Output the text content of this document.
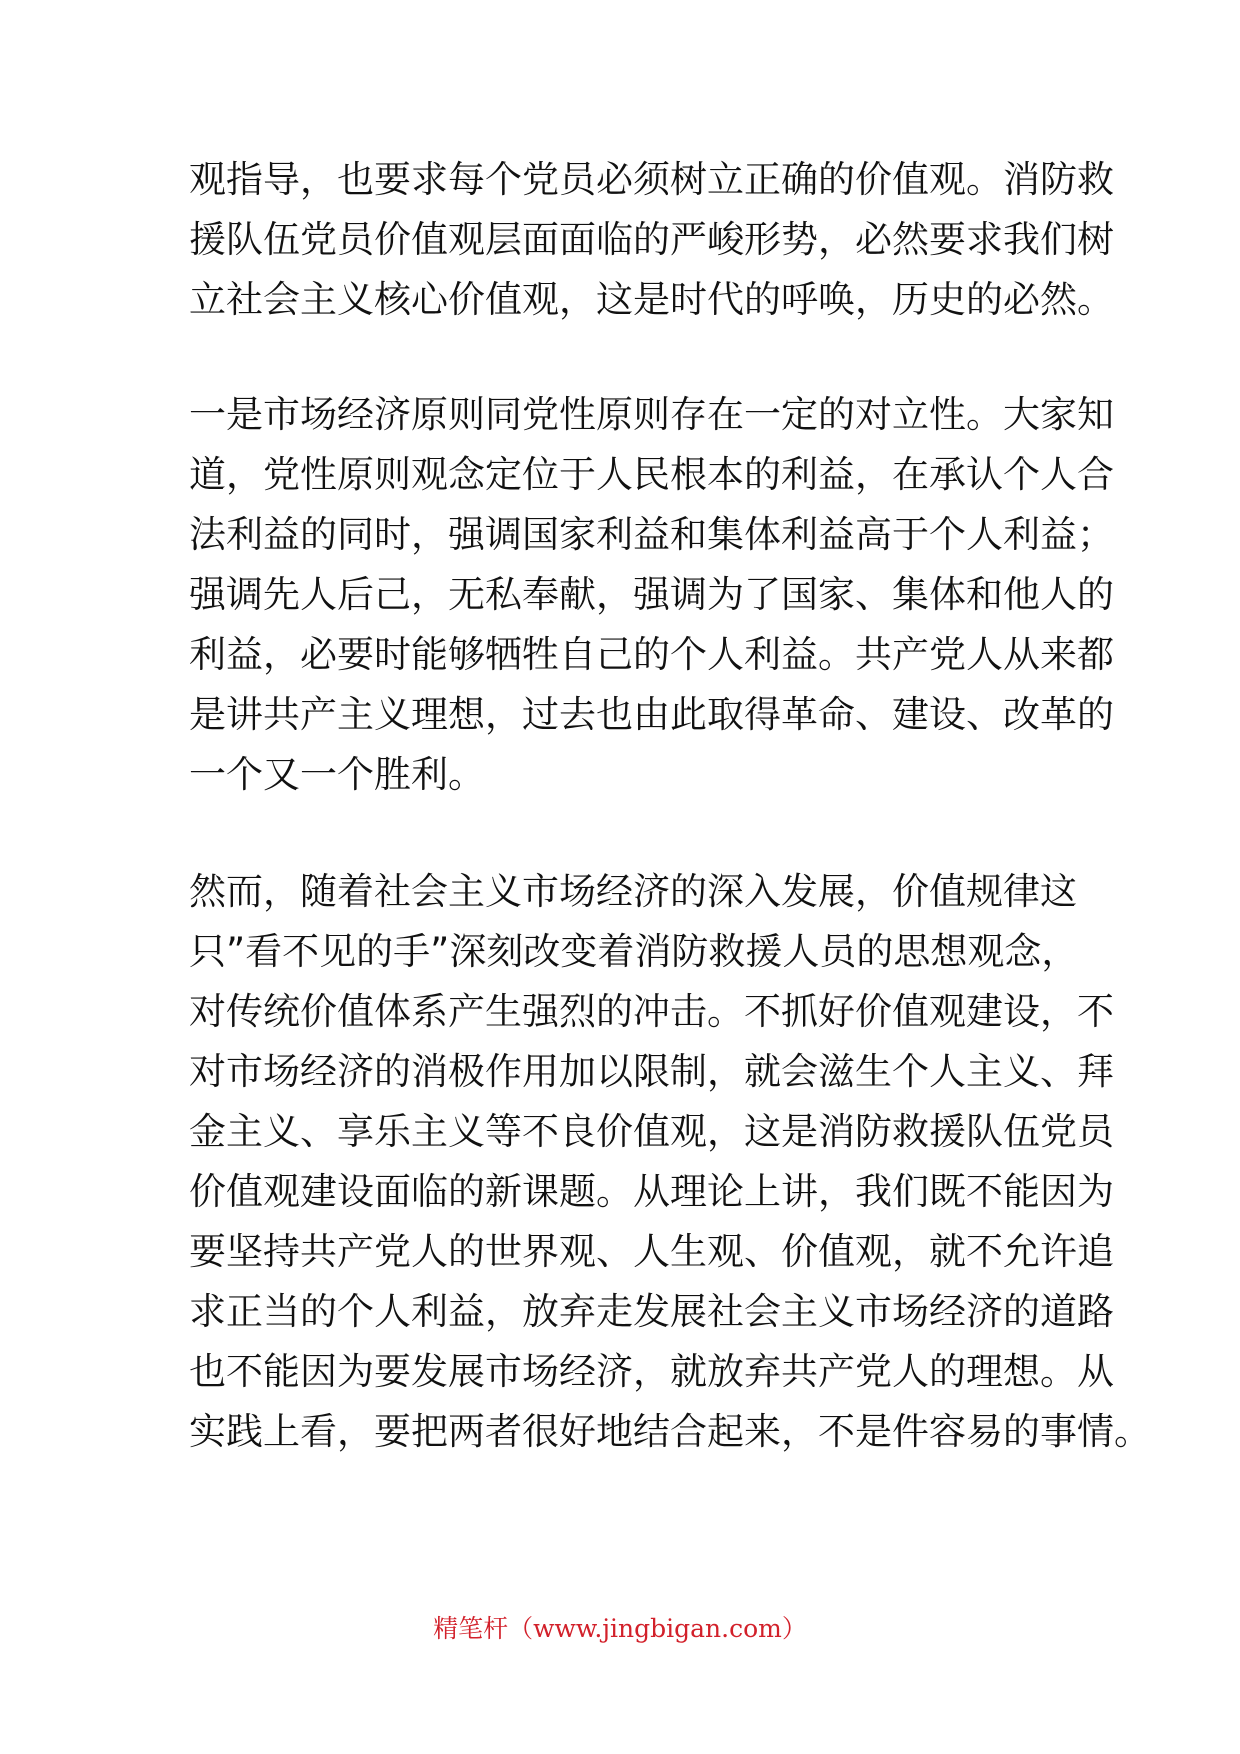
观指导，也要求每个党员必须树立正确的价值观。消防救
援队伍党员价值观层面面临的严峻形势，必然要求我们树
立社会主义核心价值观，这是时代的呼唤，历史的必然。
一是市场经济原则同党性原则存在一定的对立性。大家知
道，党性原则观念定位于人民根本的利益，在承认个人合
法利益的同时，强调国家利益和集体利益高于个人利益；
强调先人后己，无私奉献，强调为了国家、集体和他人的
利益，必要时能够牺牲自己的个人利益。共产党人从来都
是讲共产主义理想，过去也由此取得革命、建设、改革的
一个又一个胜利。
然而，随着社会主义市场经济的深入发展，价值规律这
只”看不见的手”深刻改变着消防救援人员的思想观念，
对传统价值体系产生强烈的冲击。不抓好价值观建设，不
对市场经济的消极作用加以限制，就会滋生个人主义、拜
金主义、享乐主义等不良价值观，这是消防救援队伍党员
价值观建设面临的新课题。从理论上讲，我们既不能因为
要坚持共产党人的世界观、人生观、价值观，就不允许追
求正当的个人利益，放弃走发展社会主义市场经济的道路
也不能因为要发展市场经济，就放弃共产党人的理想。从
实践上看，要把两者很好地结合起来，不是件容易的事情。
精笔杆（www.jingbigan.com）
